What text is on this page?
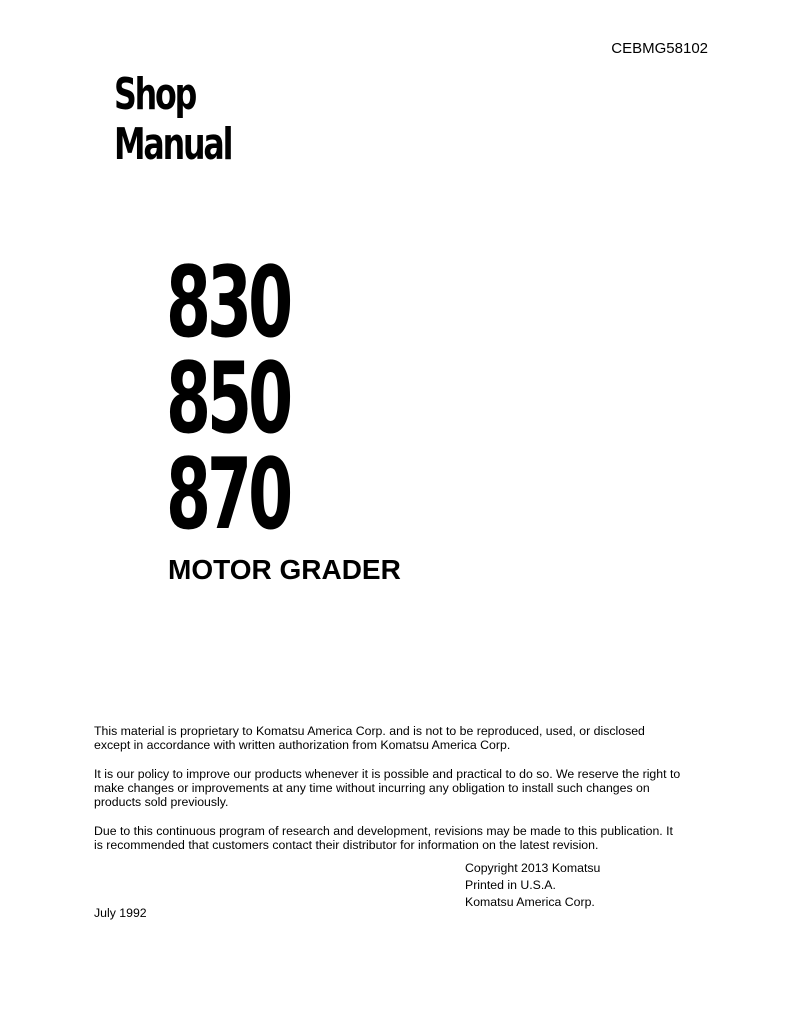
CEBMG58102
Shop
Manual
830
850
870
MOTOR GRADER

This material is proprietary to Komatsu America Corp. and is not to be reproduced, used, or disclosed except in accordance with written authorization from Komatsu America Corp.

It is our policy to improve our products whenever it is possible and practical to do so. We reserve the right to make changes or improvements at any time without incurring any obligation to install such changes on products sold previously.

Due to this continuous program of research and development, revisions may be made to this publication. It is recommended that customers contact their distributor for information on the latest revision.

Copyright 2013 Komatsu
Printed in U.S.A.
Komatsu America Corp.
July 1992
